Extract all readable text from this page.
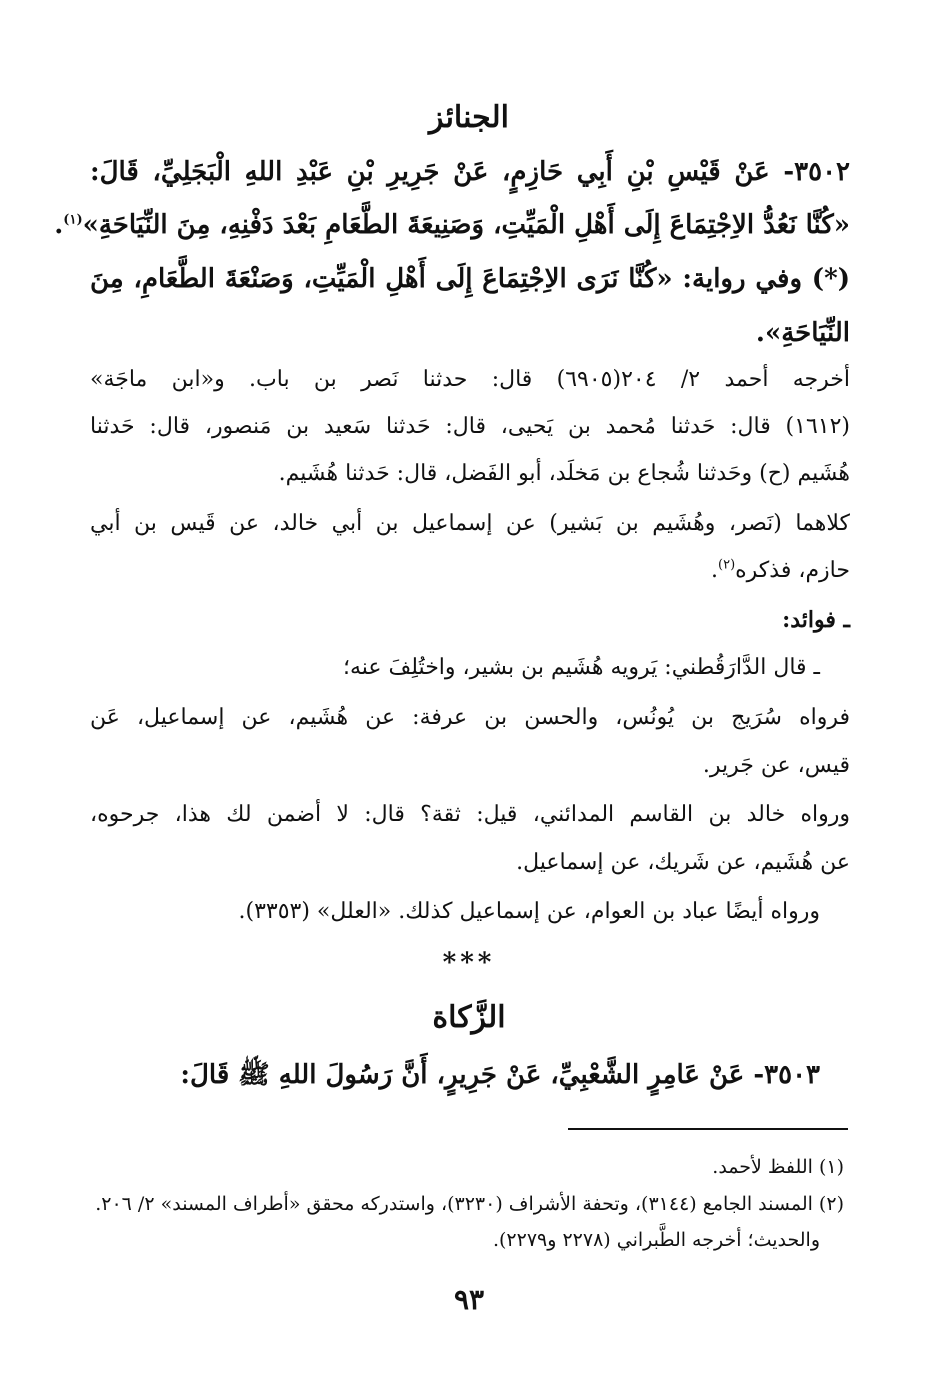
الجنائز
٣٥٠٢- عَنْ قَيْسِ بْنِ أَبِي حَازِمٍ، عَنْ جَرِيرِ بْنِ عَبْدِ اللهِ الْبَجَلِيِّ، قَالَ:
«كُنَّا نَعُدُّ الاِجْتِمَاعَ إِلَى أَهْلِ الْمَيِّتِ، وَصَنِيعَةَ الطَّعَامِ بَعْدَ دَفْنِهِ، مِنَ النِّيَاحَةِ»$^{(١)}$.
(*) وفي رواية: «كُنَّا نَرَى الاِجْتِمَاعَ إِلَى أَهْلِ الْمَيِّتِ، وَصَنْعَةَ الطَّعَامِ، مِنَ
النِّيَاحَةِ».
أخرجه أحمد ٢/ ٢٠٤(٦٩٠٥) قال: حدثنا نَصر بن باب. و«ابن ماجَة»
(١٦١٢) قال: حَدثنا مُحمد بن يَحيى، قال: حَدثنا سَعيد بن مَنصور، قال: حَدثنا
هُشَيم (ح) وحَدثنا شُجاع بن مَخلَد، أبو الفَضل، قال: حَدثنا هُشَيم.
كلاهما (نَصر، وهُشَيم بن بَشير) عن إسماعيل بن أبي خالد، عن قَيس بن أبي
حازم، فذكره$^{(٢)}$.
ـ فوائد:
ـ قال الدَّارَقُطني: يَرويه هُشَيم بن بشير، واختُلِفَ عنه؛
فرواه سُرَيج بن يُونُس، والحسن بن عرفة: عن هُشَيم، عن إسماعيل، عَن
قيس، عن جَرير.
ورواه خالد بن القاسم المدائني، قيل: ثقة؟ قال: لا أضمن لك هذا، جرحوه،
عن هُشَيم، عن شَريك، عن إسماعيل.
ورواه أيضًا عباد بن العوام، عن إسماعيل كذلك. «العلل» (٣٣٥٣).
***
الزَّكاة
٣٥٠٣- عَنْ عَامِرٍ الشَّعْبِيِّ، عَنْ جَرِيرٍ، أَنَّ رَسُولَ اللهِ ﷺ قَالَ:
(١) اللفظ لأحمد.
(٢) المسند الجامع (٣١٤٤)، وتحفة الأشراف (٣٢٣٠)، واستدركه محقق «أطراف المسند» ٢/ ٢٠٦.
والحديث؛ أخرجه الطَّبراني (٢٢٧٨ و٢٢٧٩).
٩٣
